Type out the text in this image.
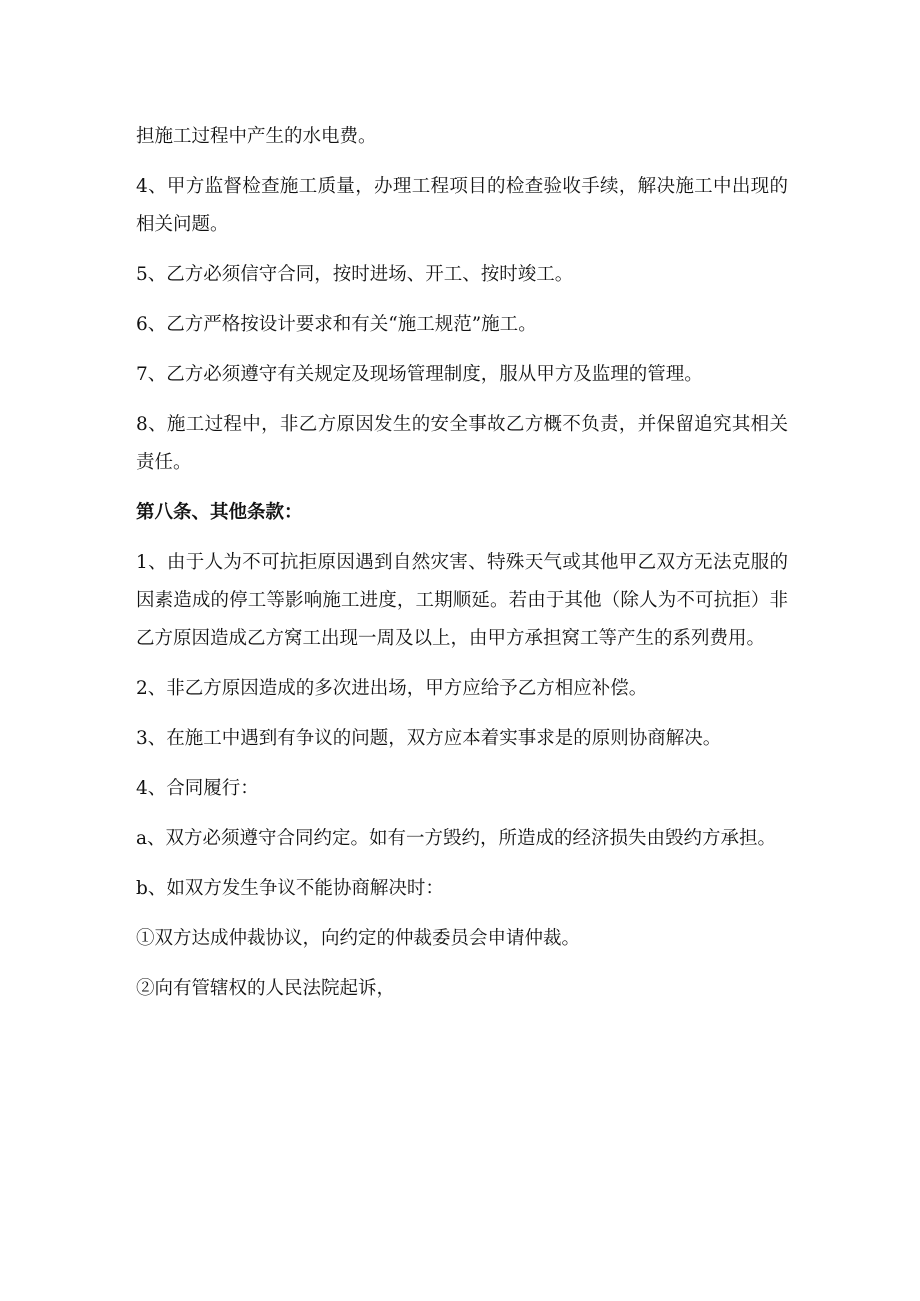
担施工过程中产生的水电费。

4、甲方监督检查施工质量，办理工程项目的检查验收手续，解决施工中出现的相关问题。

5、乙方必须信守合同，按时进场、开工、按时竣工。

6、乙方严格按设计要求和有关“施工规范”施工。

7、乙方必须遵守有关规定及现场管理制度，服从甲方及监理的管理。

8、施工过程中，非乙方原因发生的安全事故乙方概不负责，并保留追究其相关责任。

第八条、其他条款：

1、由于人为不可抗拒原因遇到自然灾害、特殊天气或其他甲乙双方无法克服的因素造成的停工等影响施工进度，工期顺延。若由于其他（除人为不可抗拒）非乙方原因造成乙方窝工出现一周及以上，由甲方承担窝工等产生的系列费用。

2、非乙方原因造成的多次进出场，甲方应给予乙方相应补偿。

3、在施工中遇到有争议的问题，双方应本着实事求是的原则协商解决。

4、合同履行：

a、双方必须遵守合同约定。如有一方毁约，所造成的经济损失由毁约方承担。

b、如双方发生争议不能协商解决时：

①双方达成仲裁协议，向约定的仲裁委员会申请仲裁。

②向有管辖权的人民法院起诉，
